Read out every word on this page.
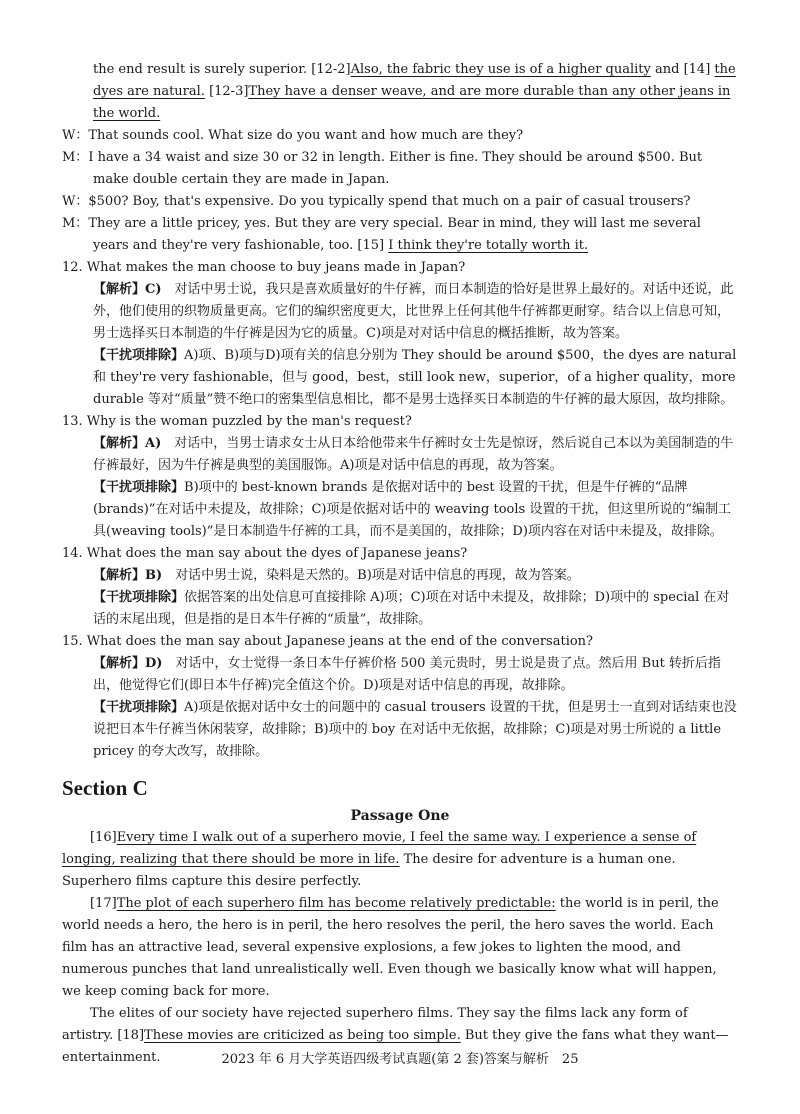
the end result is surely superior. [12-2]Also, the fabric they use is of a higher quality and [14] the dyes are natural. [12-3]They have a denser weave, and are more durable than any other jeans in the world.

W：That sounds cool. What size do you want and how much are they?

M：I have a 34 waist and size 30 or 32 in length. Either is fine. They should be around $500. But make double certain they are made in Japan.

W：$500? Boy, that's expensive. Do you typically spend that much on a pair of casual trousers?

M：They are a little pricey, yes. But they are very special. Bear in mind, they will last me several years and they're very fashionable, too. [15] I think they're totally worth it.

12. What makes the man choose to buy jeans made in Japan?

【解析】C)　对话中男士说，我只是喜欢质量好的牛仔裤，而日本制造的恰好是世界上最好的。对话中还说，此外，他们使用的织物质量更高。它们的编织密度更大，比世界上任何其他牛仔裤都更耐穿。结合以上信息可知，男士选择买日本制造的牛仔裤是因为它的质量。C)项是对对话中信息的概括推断，故为答案。

【干扰项排除】A)项、B)项与D)项有关的信息分别为 They should be around $500，the dyes are natural 和 they're very fashionable，但与 good，best，still look new，superior，of a higher quality，more durable 等对“质量”赞不绝口的密集型信息相比，都不是男士选择买日本制造的牛仔裤的最大原因，故均排除。

13. Why is the woman puzzled by the man's request?

【解析】A)　对话中，当男士请求女士从日本给他带来牛仔裤时女士先是惊讶，然后说自己本以为美国制造的牛仔裤最好，因为牛仔裤是典型的美国服饰。A)项是对话中信息的再现，故为答案。

【干扰项排除】B)项中的 best-known brands 是依据对话中的 best 设置的干扰，但是牛仔裤的“品牌(brands)”在对话中未提及，故排除；C)项是依据对话中的 weaving tools 设置的干扰，但这里所说的“编制工具(weaving tools)”是日本制造牛仔裤的工具，而不是美国的，故排除；D)项内容在对话中未提及，故排除。

14. What does the man say about the dyes of Japanese jeans?

【解析】B)　对话中男士说，染料是天然的。B)项是对话中信息的再现，故为答案。

【干扰项排除】依据答案的出处信息可直接排除 A)项；C)项在对话中未提及，故排除；D)项中的 special 在对话的末尾出现，但是指的是日本牛仔裤的“质量”，故排除。

15. What does the man say about Japanese jeans at the end of the conversation?

【解析】D)　对话中，女士觉得一条日本牛仔裤价格 500 美元贵时，男士说是贵了点。然后用 But 转折后指出，他觉得它们(即日本牛仔裤)完全值这个价。D)项是对话中信息的再现，故排除。

【干扰项排除】A)项是依据对话中女士的问题中的 casual trousers 设置的干扰，但是男士一直到对话结束也没说把日本牛仔裤当休闲装穿，故排除；B)项中的 boy 在对话中无依据，故排除；C)项是对男士所说的 a little pricey 的夸大改写，故排除。

Section C
Passage One

[16]Every time I walk out of a superhero movie, I feel the same way. I experience a sense of longing, realizing that there should be more in life. The desire for adventure is a human one. Superhero films capture this desire perfectly.

[17]The plot of each superhero film has become relatively predictable: the world is in peril, the world needs a hero, the hero is in peril, the hero resolves the peril, the hero saves the world. Each film has an attractive lead, several expensive explosions, a few jokes to lighten the mood, and numerous punches that land unrealistically well. Even though we basically know what will happen, we keep coming back for more.

The elites of our society have rejected superhero films. They say the films lack any form of artistry. [18]These movies are criticized as being too simple. But they give the fans what they want—entertainment.	2023 年 6 月大学英语四级考试真题(第 2 套)答案与解析　25
